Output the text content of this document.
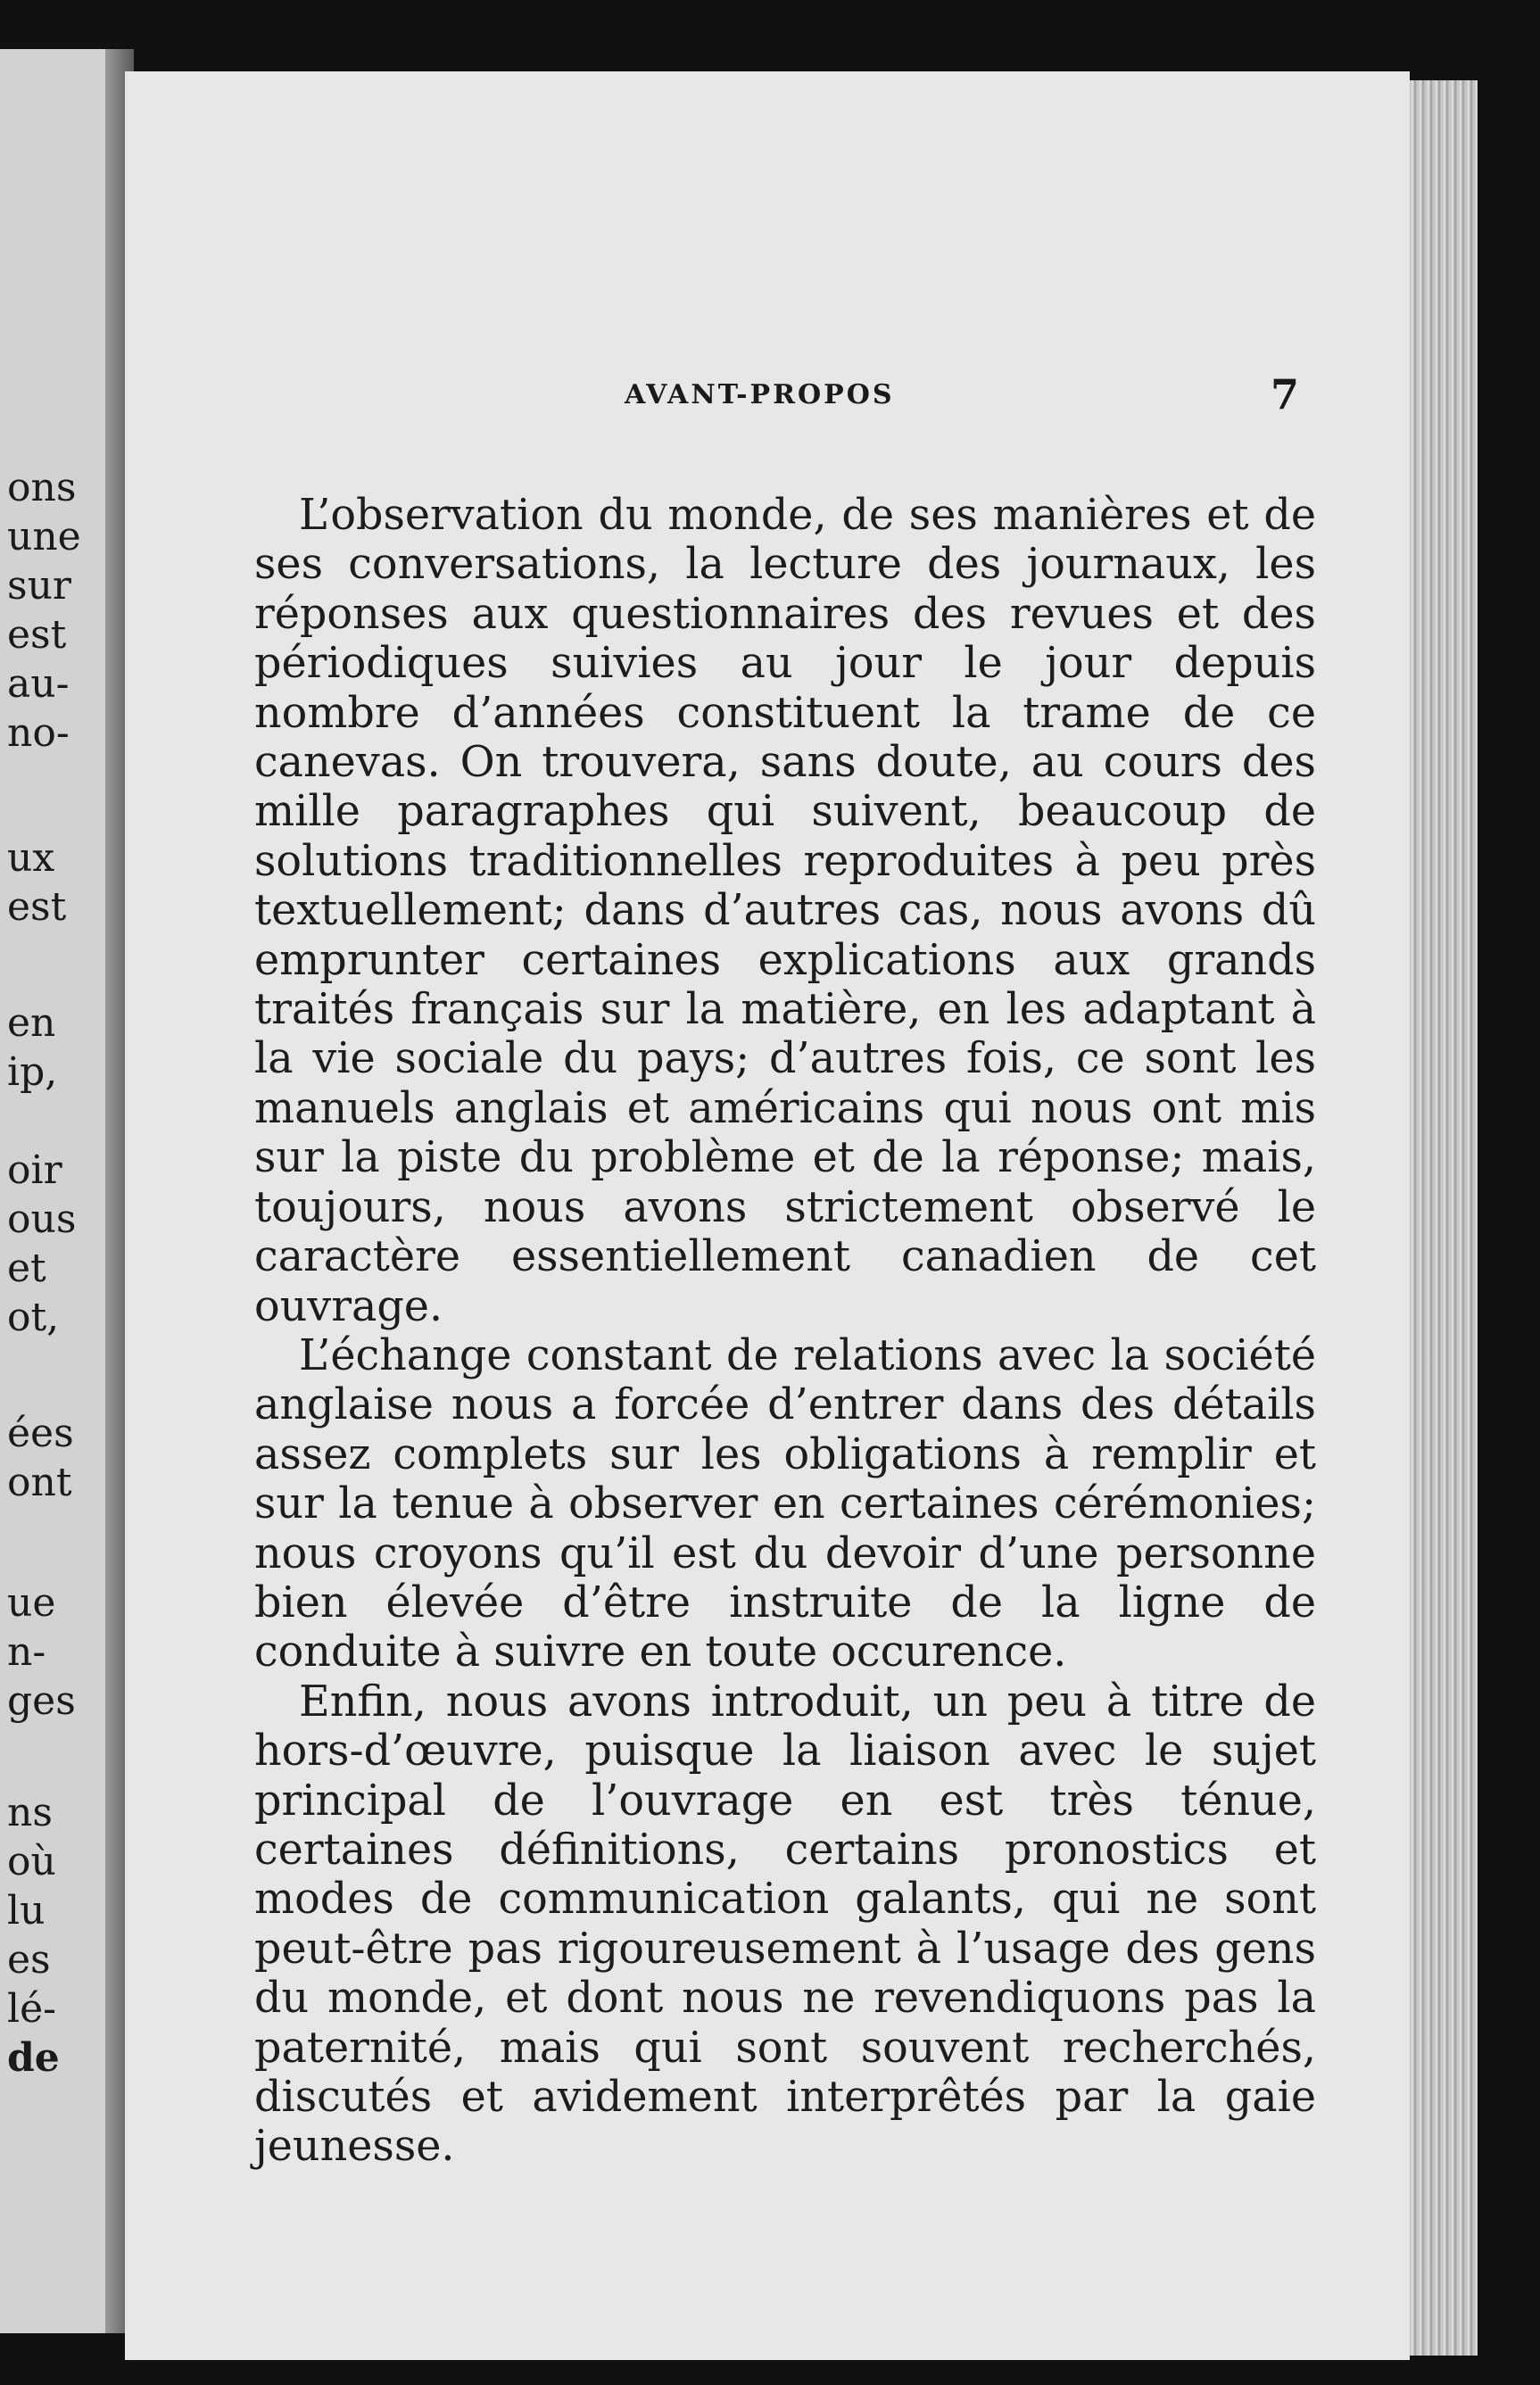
ons
une
sur
est
au-
no-
ux
est
en
ip,
oir
ous
et
ot,
ées
ont
ue
n-
ges
ns
où
lu
es
lé-
de
AVANT-PROPOS	7

L’observation du monde, de ses manières et de ses conversations, la lecture des journaux, les réponses aux questionnaires des revues et des périodiques suivies au jour le jour depuis nombre d’années constituent la trame de ce canevas. On trouvera, sans doute, au cours des mille paragraphes qui suivent, beaucoup de solutions traditionnelles reproduites à peu près textuellement; dans d’autres cas, nous avons dû emprunter certaines explications aux grands traités français sur la matière, en les adaptant à la vie sociale du pays; d’autres fois, ce sont les manuels anglais et américains qui nous ont mis sur la piste du problème et de la réponse; mais, toujours, nous avons strictement observé le caractère essentiellement canadien de cet ouvrage.

L’échange constant de relations avec la société anglaise nous a forcée d’entrer dans des détails assez complets sur les obligations à remplir et sur la tenue à observer en certaines cérémonies; nous croyons qu’il est du devoir d’une personne bien élevée d’être instruite de la ligne de conduite à suivre en toute occurence.

Enfin, nous avons introduit, un peu à titre de hors-d’œuvre, puisque la liaison avec le sujet principal de l’ouvrage en est très ténue, certaines définitions, certains pronostics et modes de communication galants, qui ne sont peut-être pas rigoureusement à l’usage des gens du monde, et dont nous ne revendiquons pas la paternité, mais qui sont souvent recherchés, discutés et avidement interprêtés par la gaie jeunesse.
